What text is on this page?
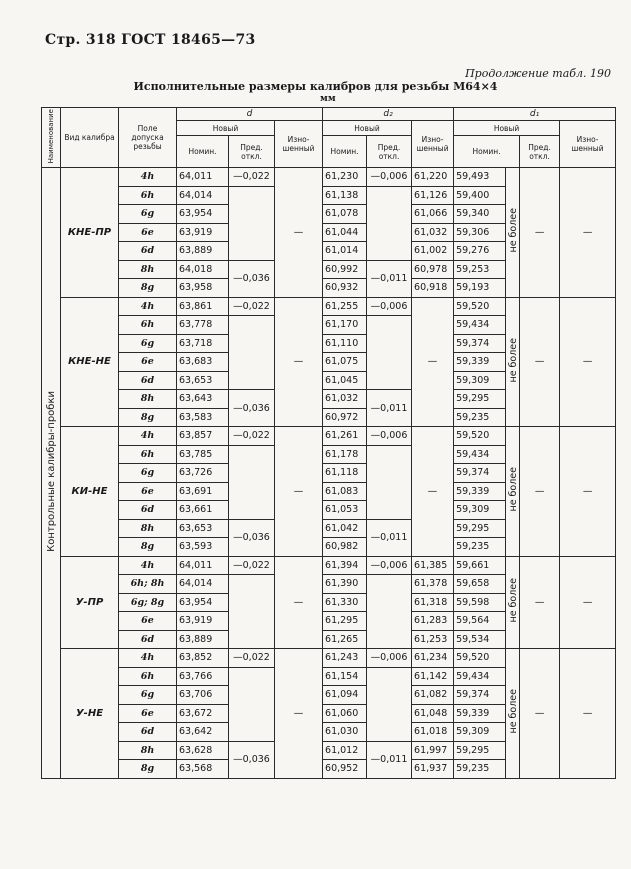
Стр. 318 ГОСТ 18465—73
Продолжение табл. 190
Исполнительные размеры калибров для резьбы М64×4
мм
Наименование	Вид калибра	Поле допуска резьбы	d			d₂			d₁			
			Новый		Изно-шенный	Новый		Изно-шенный	Новый			Изно-шенный
			Номин.	Пред. откл.		Номин.	Пред. откл.		Номин.		Пред. откл.	
Контрольные калибры-пробки	КНЕ-ПР	4h	64,011	—0,022	—	61,230	—0,006	61,220	59,493	не более	—	—
		6h	64,014			61,138		61,126	59,400			
		6g	63,954			61,078		61,066	59,340			
		6e	63,919			61,044		61,032	59,306			
		6d	63,889			61,014		61,002	59,276			
		8h	64,018	—0,036		60,992	—0,011	60,978	59,253			
		8g	63,958			60,932		60,918	59,193			
	КНЕ-НЕ	4h	63,861	—0,022	—	61,255	—0,006	—	59,520	не более	—	—
		6h	63,778			61,170			59,434			
		6g	63,718			61,110			59,374			
		6e	63,683			61,075			59,339			
		6d	63,653			61,045			59,309			
		8h	63,643	—0,036		61,032	—0,011		59,295			
		8g	63,583			60,972			59,235			
	КИ-НЕ	4h	63,857	—0,022	—	61,261	—0,006	—	59,520	не более	—	—
		6h	63,785			61,178			59,434			
		6g	63,726			61,118			59,374			
		6e	63,691			61,083			59,339			
		6d	63,661			61,053			59,309			
		8h	63,653	—0,036		61,042	—0,011		59,295			
		8g	63,593			60,982			59,235			
	У-ПР	4h	64,011	—0,022	—	61,394	—0,006	61,385	59,661	не более	—	—
		6h; 8h	64,014			61,390		61,378	59,658			
		6g; 8g	63,954			61,330		61,318	59,598			
		6e	63,919			61,295		61,283	59,564			
		6d	63,889			61,265		61,253	59,534			
	У-НЕ	4h	63,852	—0,022	—	61,243	—0,006	61,234	59,520	не более	—	—
		6h	63,766			61,154		61,142	59,434			
		6g	63,706			61,094		61,082	59,374			
		6e	63,672			61,060		61,048	59,339			
		6d	63,642			61,030		61,018	59,309			
		8h	63,628	—0,036		61,012	—0,011	61,997	59,295			
		8g	63,568			60,952		61,937	59,235			
